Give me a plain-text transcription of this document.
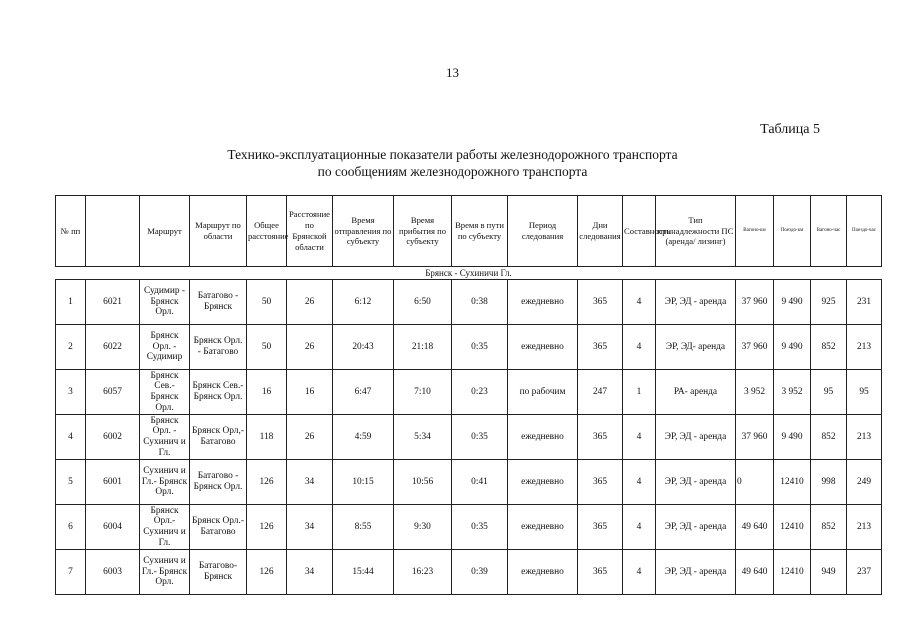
13
Таблица 5
Технико-эксплуатационные показатели работы железнодорожного транспорта
по сообщениям железнодорожного транспорта
№ пп		Маршрут	Маршрут по области	Общее расстояние	Расстояние по Брянской области	Время отправления по субъекту	Время прибытия по субъекту	Время в пути по субъекту	Период следования	Дни следования	Составность	Тип принадлежности ПС (аренда/ лизинг)	Вагоно-км	Поездо-км	Вагоно-час	Поездо-час
Брянск - Сухиничи Гл.																
1	6021	Судимир - Брянск Орл.	Батагово - Брянск	50	26	6:12	6:50	0:38	ежедневно	365	4	ЭР, ЭД - аренда	37 960	9 490	925	231
2	6022	Брянск Орл. - Судимир	Брянск Орл. - Батагово	50	26	20:43	21:18	0:35	ежедневно	365	4	ЭР, ЭД- аренда	37 960	9 490	852	213
3	6057	Брянск Сев.- Брянск Орл.	Брянск Сев.- Брянск Орл.	16	16	6:47	7:10	0:23	по рабочим	247	1	РА- аренда	3 952	3 952	95	95
4	6002	Брянск Орл. - Сухинич и Гл.	Брянск Орл,- Батагово	118	26	4:59	5:34	0:35	ежедневно	365	4	ЭР, ЭД - аренда	37 960	9 490	852	213
5	6001	Сухинич и Гл.- Брянск Орл.	Батагово - Брянск Орл.	126	34	10:15	10:56	0:41	ежедневно	365	4	ЭР, ЭД - аренда	0	12410	998	249
6	6004	Брянск Орл.- Сухинич и Гл.	Брянск Орл.- Батагово	126	34	8:55	9:30	0:35	ежедневно	365	4	ЭР, ЭД - аренда	49 640	12410	852	213
7	6003	Сухинич и Гл.- Брянск Орл.	Батагово- Брянск	126	34	15:44	16:23	0:39	ежедневно	365	4	ЭР, ЭД - аренда	49 640	12410	949	237
